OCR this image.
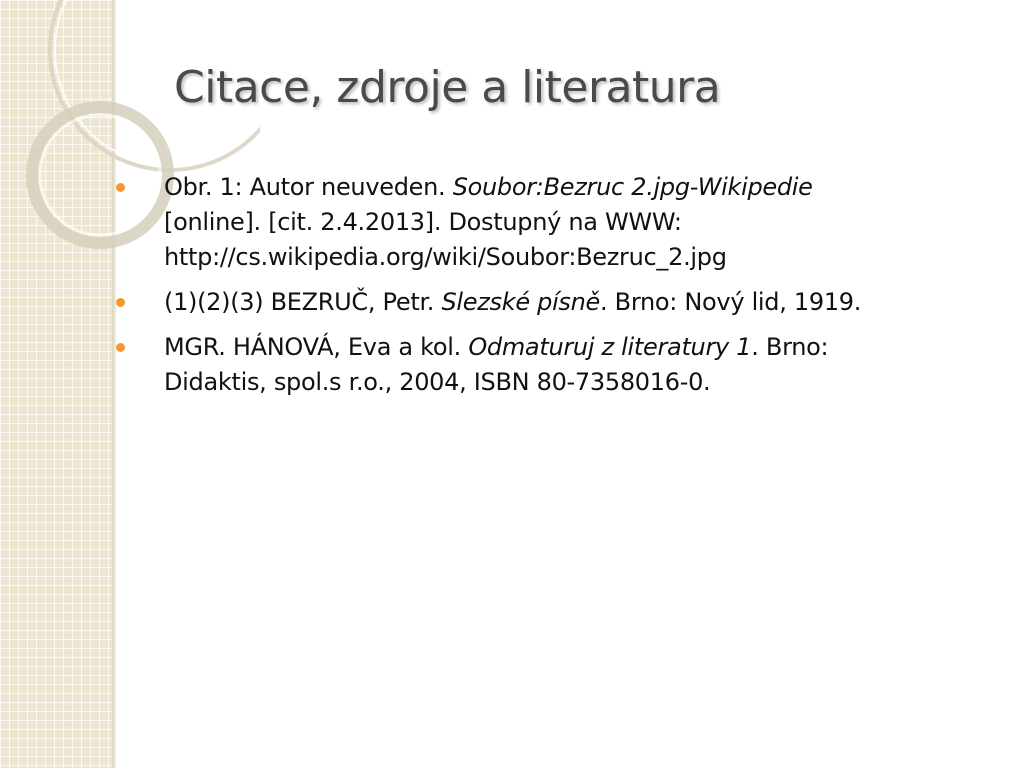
Citace, zdroje a literatura
Obr. 1: Autor neuveden. Soubor:Bezruc 2.jpg-Wikipedie
[online]. [cit. 2.4.2013]. Dostupný na WWW:
http://cs.wikipedia.org/wiki/Soubor:Bezruc_2.jpg
(1)(2)(3) BEZRUČ, Petr. Slezské písně. Brno: Nový lid, 1919.
MGR. HÁNOVÁ, Eva a kol. Odmaturuj z literatury 1. Brno:
Didaktis, spol.s r.o., 2004, ISBN 80-7358016-0.
